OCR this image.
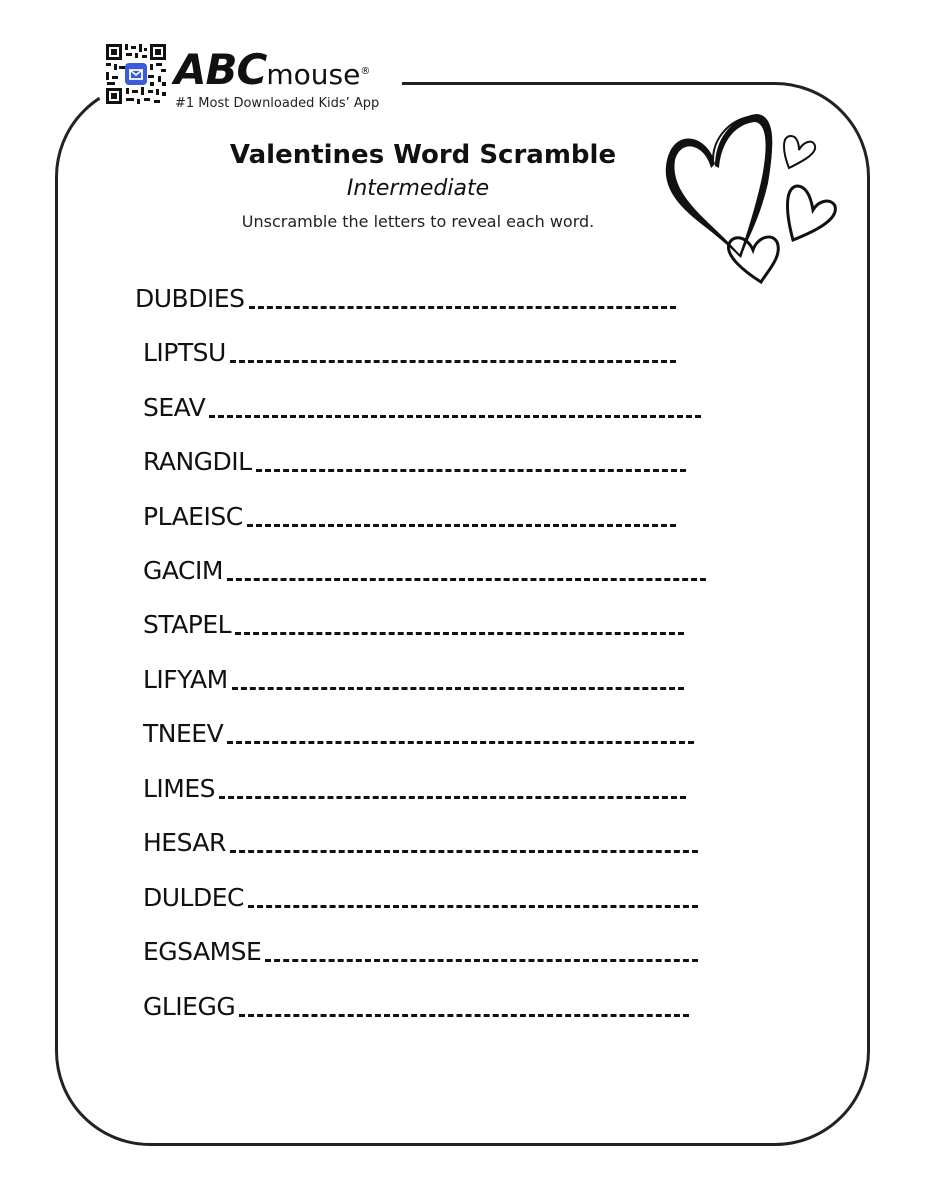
ABCmouse®
#1 Most Downloaded Kids’ App
Valentines Word Scramble
Intermediate
Unscramble the letters to reveal each word.
DUBDIES
LIPTSU
SEAV
RANGDIL
PLAEISC
GACIM
STAPEL
LIFYAM
TNEEV
LIMES
HESAR
DULDEC
EGSAMSE
GLIEGG
